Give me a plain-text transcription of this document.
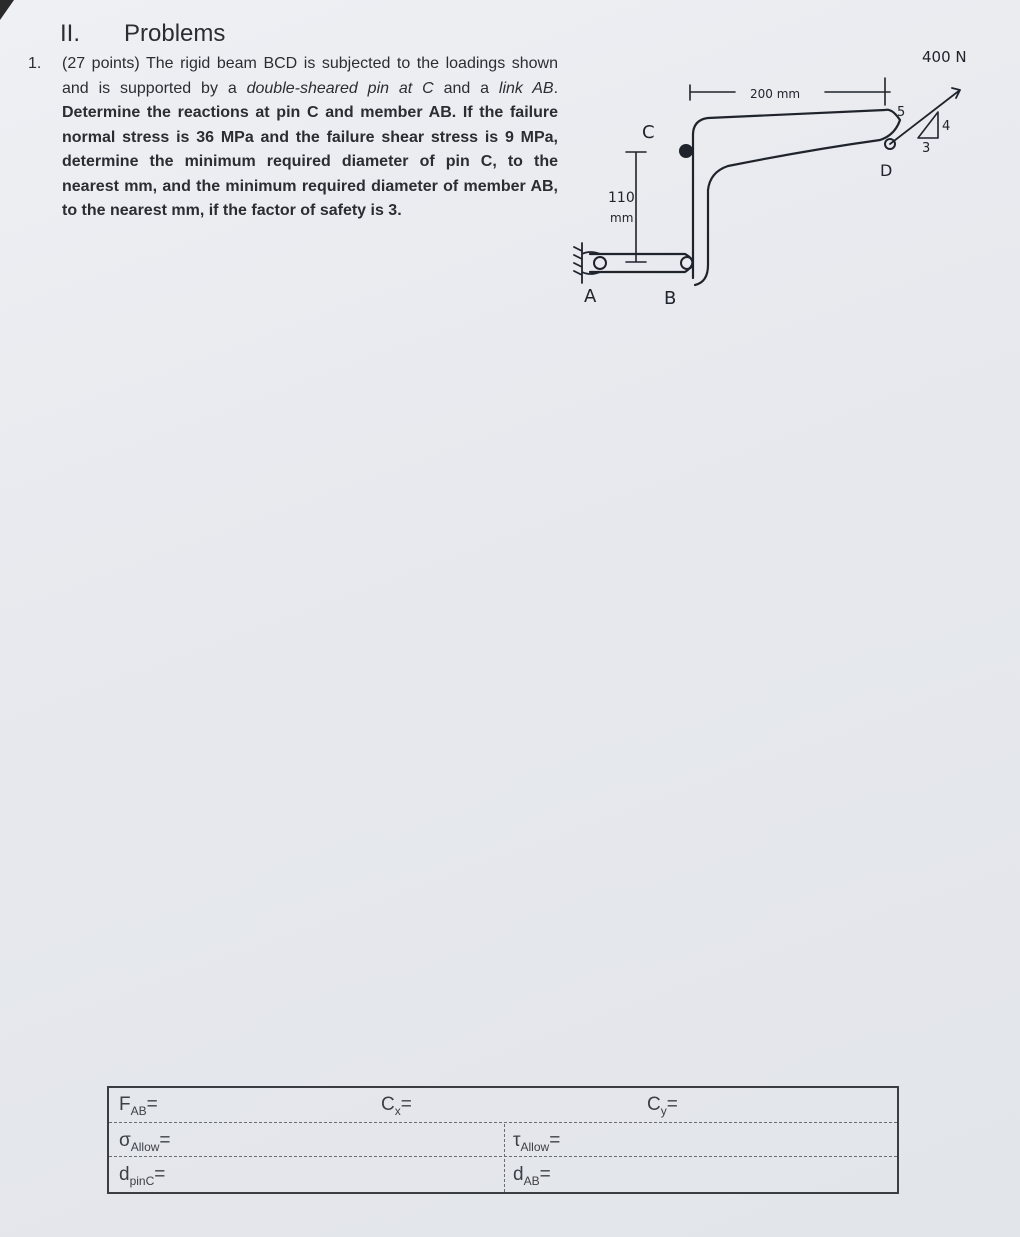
II. Problems
1. (27 points) The rigid beam BCD is subjected to the loadings shown and is supported by a double-sheared pin at C and a link AB. Determine the reactions at pin C and member AB. If the failure normal stress is 36 MPa and the failure shear stress is 9 MPa, determine the minimum required diameter of pin C, to the nearest mm, and the minimum required diameter of member AB, to the nearest mm, if the factor of safety is 3.
400 N
200 mm
110
mm
A	B
C
D
5
4
3
$F_{AB}=$	$C_x=$	$C_y=$
$\sigma_{Allow}=$	$\tau_{Allow}=$
$d_{pinC}=$	$d_{AB}=$
